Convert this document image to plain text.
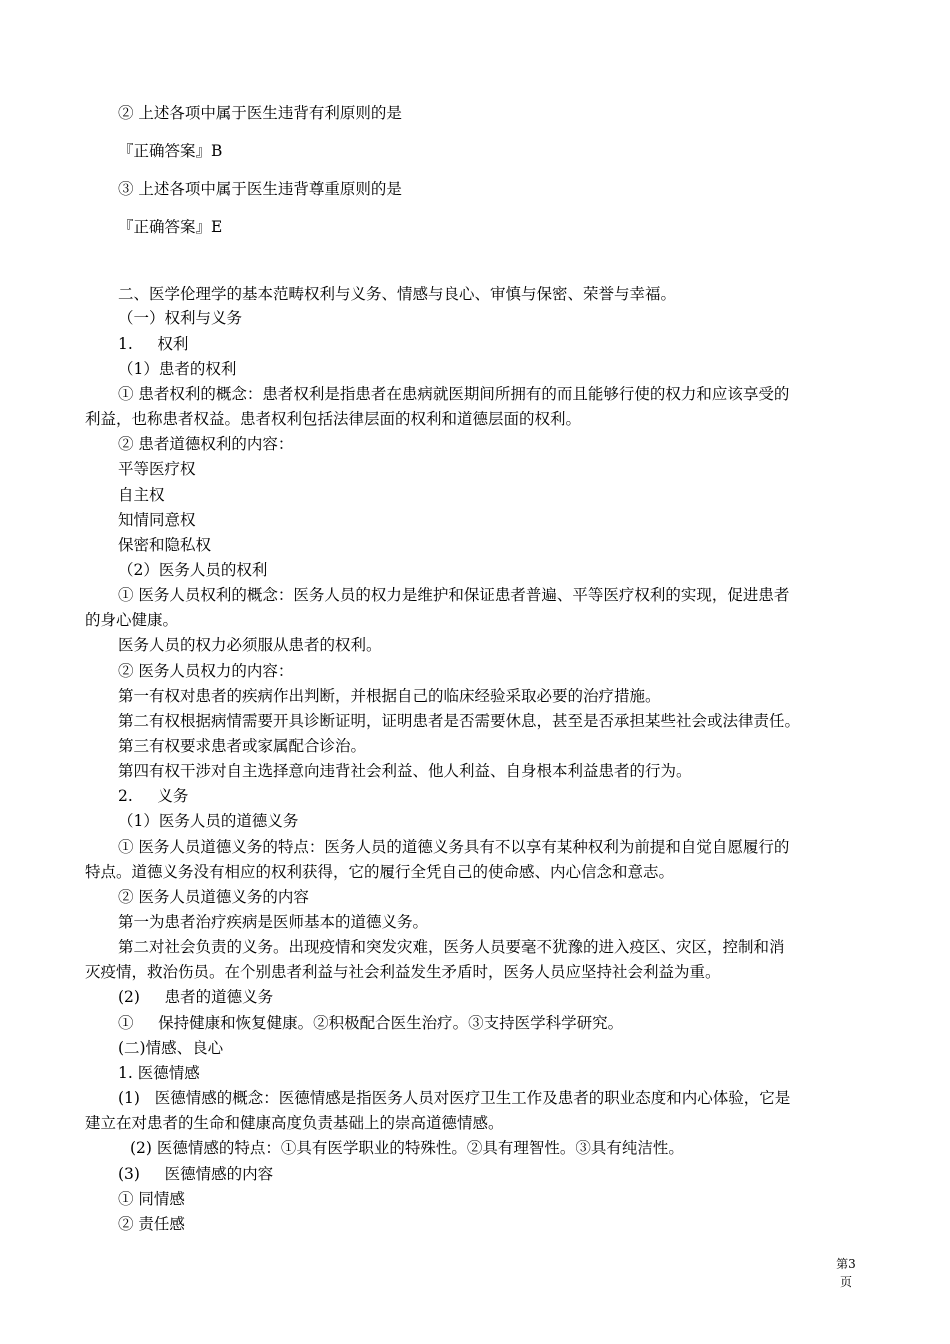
② 上述各项中属于医生违背有利原则的是
『正确答案』B
③ 上述各项中属于医生违背尊重原则的是
『正确答案』E
二、医学伦理学的基本范畴权利与义务、情感与良心、审慎与保密、荣誉与幸福。
（一）权利与义务
1.     权利
（1）患者的权利
① 患者权利的概念：患者权利是指患者在患病就医期间所拥有的而且能够行使的权力和应该享受的
利益，也称患者权益。患者权利包括法律层面的权利和道德层面的权利。
② 患者道德权利的内容：
平等医疗权
自主权
知情同意权
保密和隐私权
（2）医务人员的权利
① 医务人员权利的概念：医务人员的权力是维护和保证患者普遍、平等医疗权利的实现，促进患者
的身心健康。
医务人员的权力必须服从患者的权利。
② 医务人员权力的内容：
第一有权对患者的疾病作出判断，并根据自己的临床经验采取必要的治疗措施。
第二有权根据病情需要开具诊断证明，证明患者是否需要休息，甚至是否承担某些社会或法律责任。
第三有权要求患者或家属配合诊治。
第四有权干涉对自主选择意向违背社会利益、他人利益、自身根本利益患者的行为。
2.     义务
（1）医务人员的道德义务
① 医务人员道德义务的特点：医务人员的道德义务具有不以享有某种权利为前提和自觉自愿履行的
特点。道德义务没有相应的权利获得，它的履行全凭自己的使命感、内心信念和意志。
② 医务人员道德义务的内容
第一为患者治疗疾病是医师基本的道德义务。
第二对社会负责的义务。出现疫情和突发灾难，医务人员要毫不犹豫的进入疫区、灾区，控制和消
灭疫情，救治伤员。在个别患者利益与社会利益发生矛盾时，医务人员应坚持社会利益为重。
(2)     患者的道德义务
①     保持健康和恢复健康。②积极配合医生治疗。③支持医学科学研究。
(二)情感、良心
1. 医德情感
(1)   医德情感的概念：医德情感是指医务人员对医疗卫生工作及患者的职业态度和内心体验，它是
建立在对患者的生命和健康高度负责基础上的崇高道德情感。
(2) 医德情感的特点：①具有医学职业的特殊性。②具有理智性。③具有纯洁性。
(3)     医德情感的内容
① 同情感
② 责任感
第3
页
